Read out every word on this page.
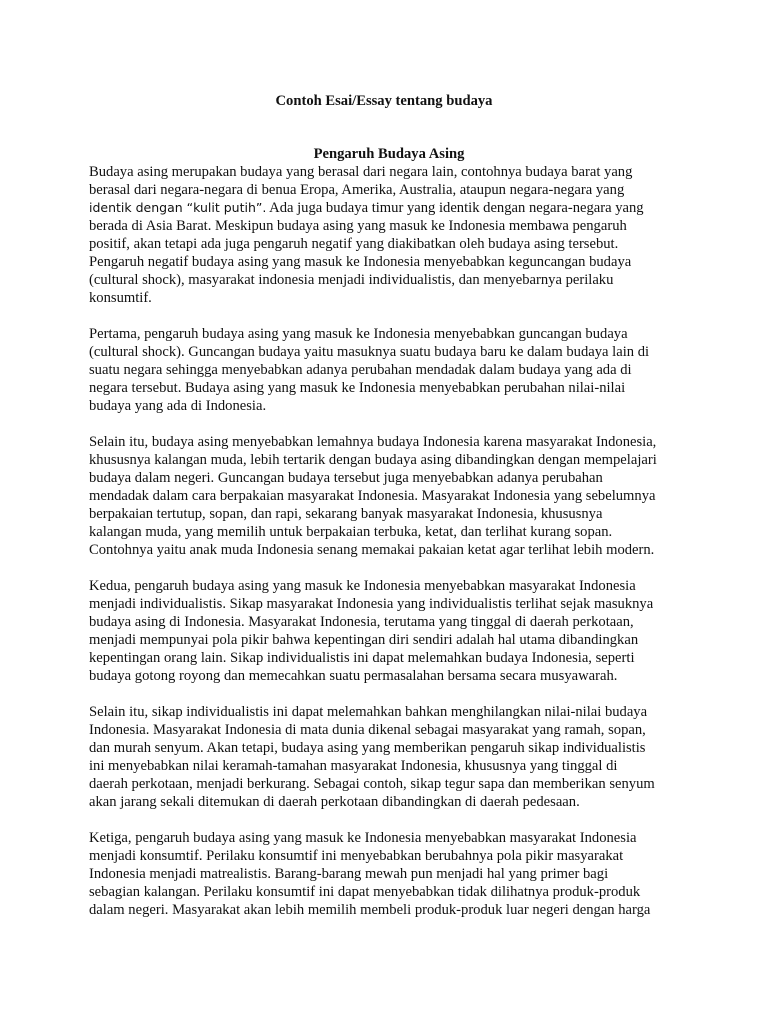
Contoh Esai/Essay tentang budaya
Pengaruh Budaya Asing

Budaya asing merupakan budaya yang berasal dari negara lain, contohnya budaya barat yang
berasal dari negara-negara di benua Eropa, Amerika, Australia, ataupun negara-negara yang
identik dengan “kulit putih”. Ada juga budaya timur yang identik dengan negara-negara yang
berada di Asia Barat. Meskipun budaya asing yang masuk ke Indonesia membawa pengaruh
positif, akan tetapi ada juga pengaruh negatif yang diakibatkan oleh budaya asing tersebut.
Pengaruh negatif budaya asing yang masuk ke Indonesia menyebabkan keguncangan budaya
(cultural shock), masyarakat indonesia menjadi individualistis, dan menyebarnya perilaku
konsumtif.

Pertama, pengaruh budaya asing yang masuk ke Indonesia menyebabkan guncangan budaya
(cultural shock). Guncangan budaya yaitu masuknya suatu budaya baru ke dalam budaya lain di
suatu negara sehingga menyebabkan adanya perubahan mendadak dalam budaya yang ada di
negara tersebut. Budaya asing yang masuk ke Indonesia menyebabkan perubahan nilai-nilai
budaya yang ada di Indonesia.

Selain itu, budaya asing menyebabkan lemahnya budaya Indonesia karena masyarakat Indonesia,
khususnya kalangan muda, lebih tertarik dengan budaya asing dibandingkan dengan mempelajari
budaya dalam negeri. Guncangan budaya tersebut juga menyebabkan adanya perubahan
mendadak dalam cara berpakaian masyarakat Indonesia. Masyarakat Indonesia yang sebelumnya
berpakaian tertutup, sopan, dan rapi, sekarang banyak masyarakat Indonesia, khususnya
kalangan muda, yang memilih untuk berpakaian terbuka, ketat, dan terlihat kurang sopan.
Contohnya yaitu anak muda Indonesia senang memakai pakaian ketat agar terlihat lebih modern.

Kedua, pengaruh budaya asing yang masuk ke Indonesia menyebabkan masyarakat Indonesia
menjadi individualistis. Sikap masyarakat Indonesia yang individualistis terlihat sejak masuknya
budaya asing di Indonesia. Masyarakat Indonesia, terutama yang tinggal di daerah perkotaan,
menjadi mempunyai pola pikir bahwa kepentingan diri sendiri adalah hal utama dibandingkan
kepentingan orang lain. Sikap individualistis ini dapat melemahkan budaya Indonesia, seperti
budaya gotong royong dan memecahkan suatu permasalahan bersama secara musyawarah.

Selain itu, sikap individualistis ini dapat melemahkan bahkan menghilangkan nilai-nilai budaya
Indonesia. Masyarakat Indonesia di mata dunia dikenal sebagai masyarakat yang ramah, sopan,
dan murah senyum. Akan tetapi, budaya asing yang memberikan pengaruh sikap individualistis
ini menyebabkan nilai keramah-tamahan masyarakat Indonesia, khususnya yang tinggal di
daerah perkotaan, menjadi berkurang. Sebagai contoh, sikap tegur sapa dan memberikan senyum
akan jarang sekali ditemukan di daerah perkotaan dibandingkan di daerah pedesaan.

Ketiga, pengaruh budaya asing yang masuk ke Indonesia menyebabkan masyarakat Indonesia
menjadi konsumtif. Perilaku konsumtif ini menyebabkan berubahnya pola pikir masyarakat
Indonesia menjadi matrealistis. Barang-barang mewah pun menjadi hal yang primer bagi
sebagian kalangan. Perilaku konsumtif ini dapat menyebabkan tidak dilihatnya produk-produk
dalam negeri. Masyarakat akan lebih memilih membeli produk-produk luar negeri dengan harga
